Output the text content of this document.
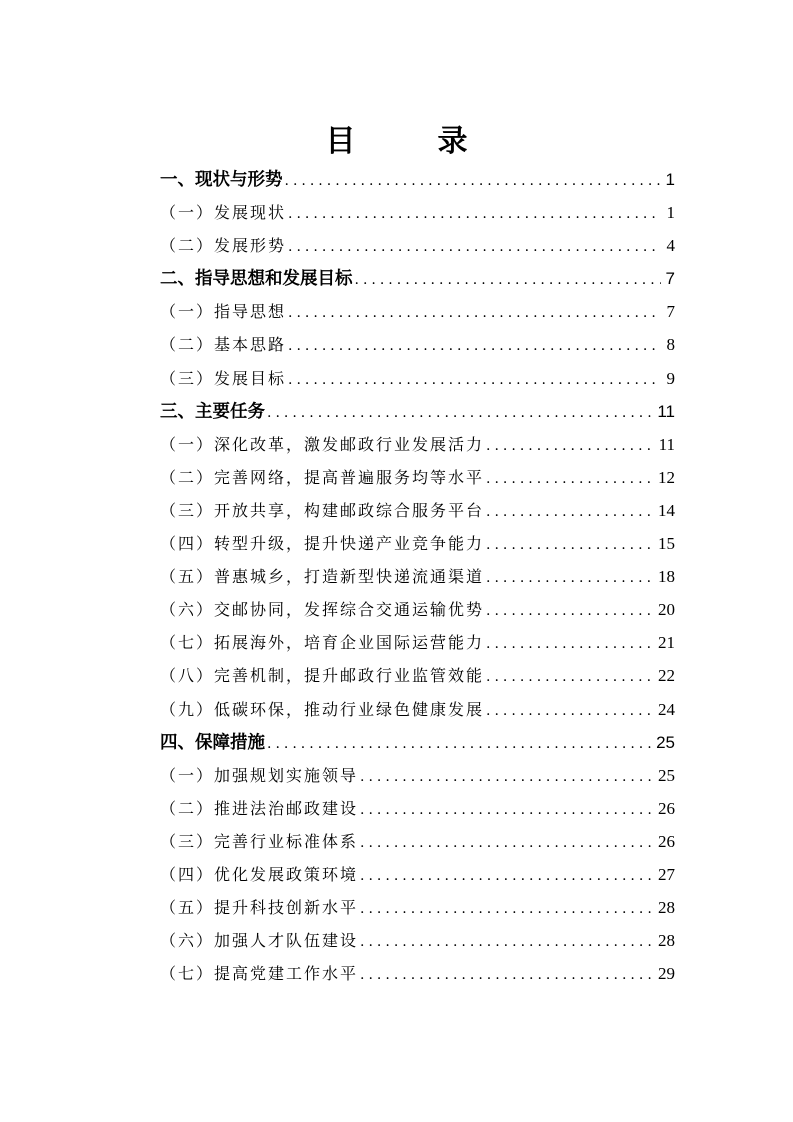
目　录
一、现状与形势 .....	1
（一）发展现状 .....	1
（二）发展形势 .....	4
二、指导思想和发展目标 .....	7
（一）指导思想 .....	7
（二）基本思路 .....	8
（三）发展目标 .....	9
三、主要任务 .....	11
（一）深化改革，激发邮政行业发展活力 .....	11
（二）完善网络，提高普遍服务均等水平 .....	12
（三）开放共享，构建邮政综合服务平台 .....	14
（四）转型升级，提升快递产业竞争能力 .....	15
（五）普惠城乡，打造新型快递流通渠道 .....	18
（六）交邮协同，发挥综合交通运输优势 .....	20
（七）拓展海外，培育企业国际运营能力 .....	21
（八）完善机制，提升邮政行业监管效能 .....	22
（九）低碳环保，推动行业绿色健康发展 .....	24
四、保障措施 .....	25
（一）加强规划实施领导 .....	25
（二）推进法治邮政建设 .....	26
（三）完善行业标准体系 .....	26
（四）优化发展政策环境 .....	27
（五）提升科技创新水平 .....	28
（六）加强人才队伍建设 .....	28
（七）提高党建工作水平 .....	29
